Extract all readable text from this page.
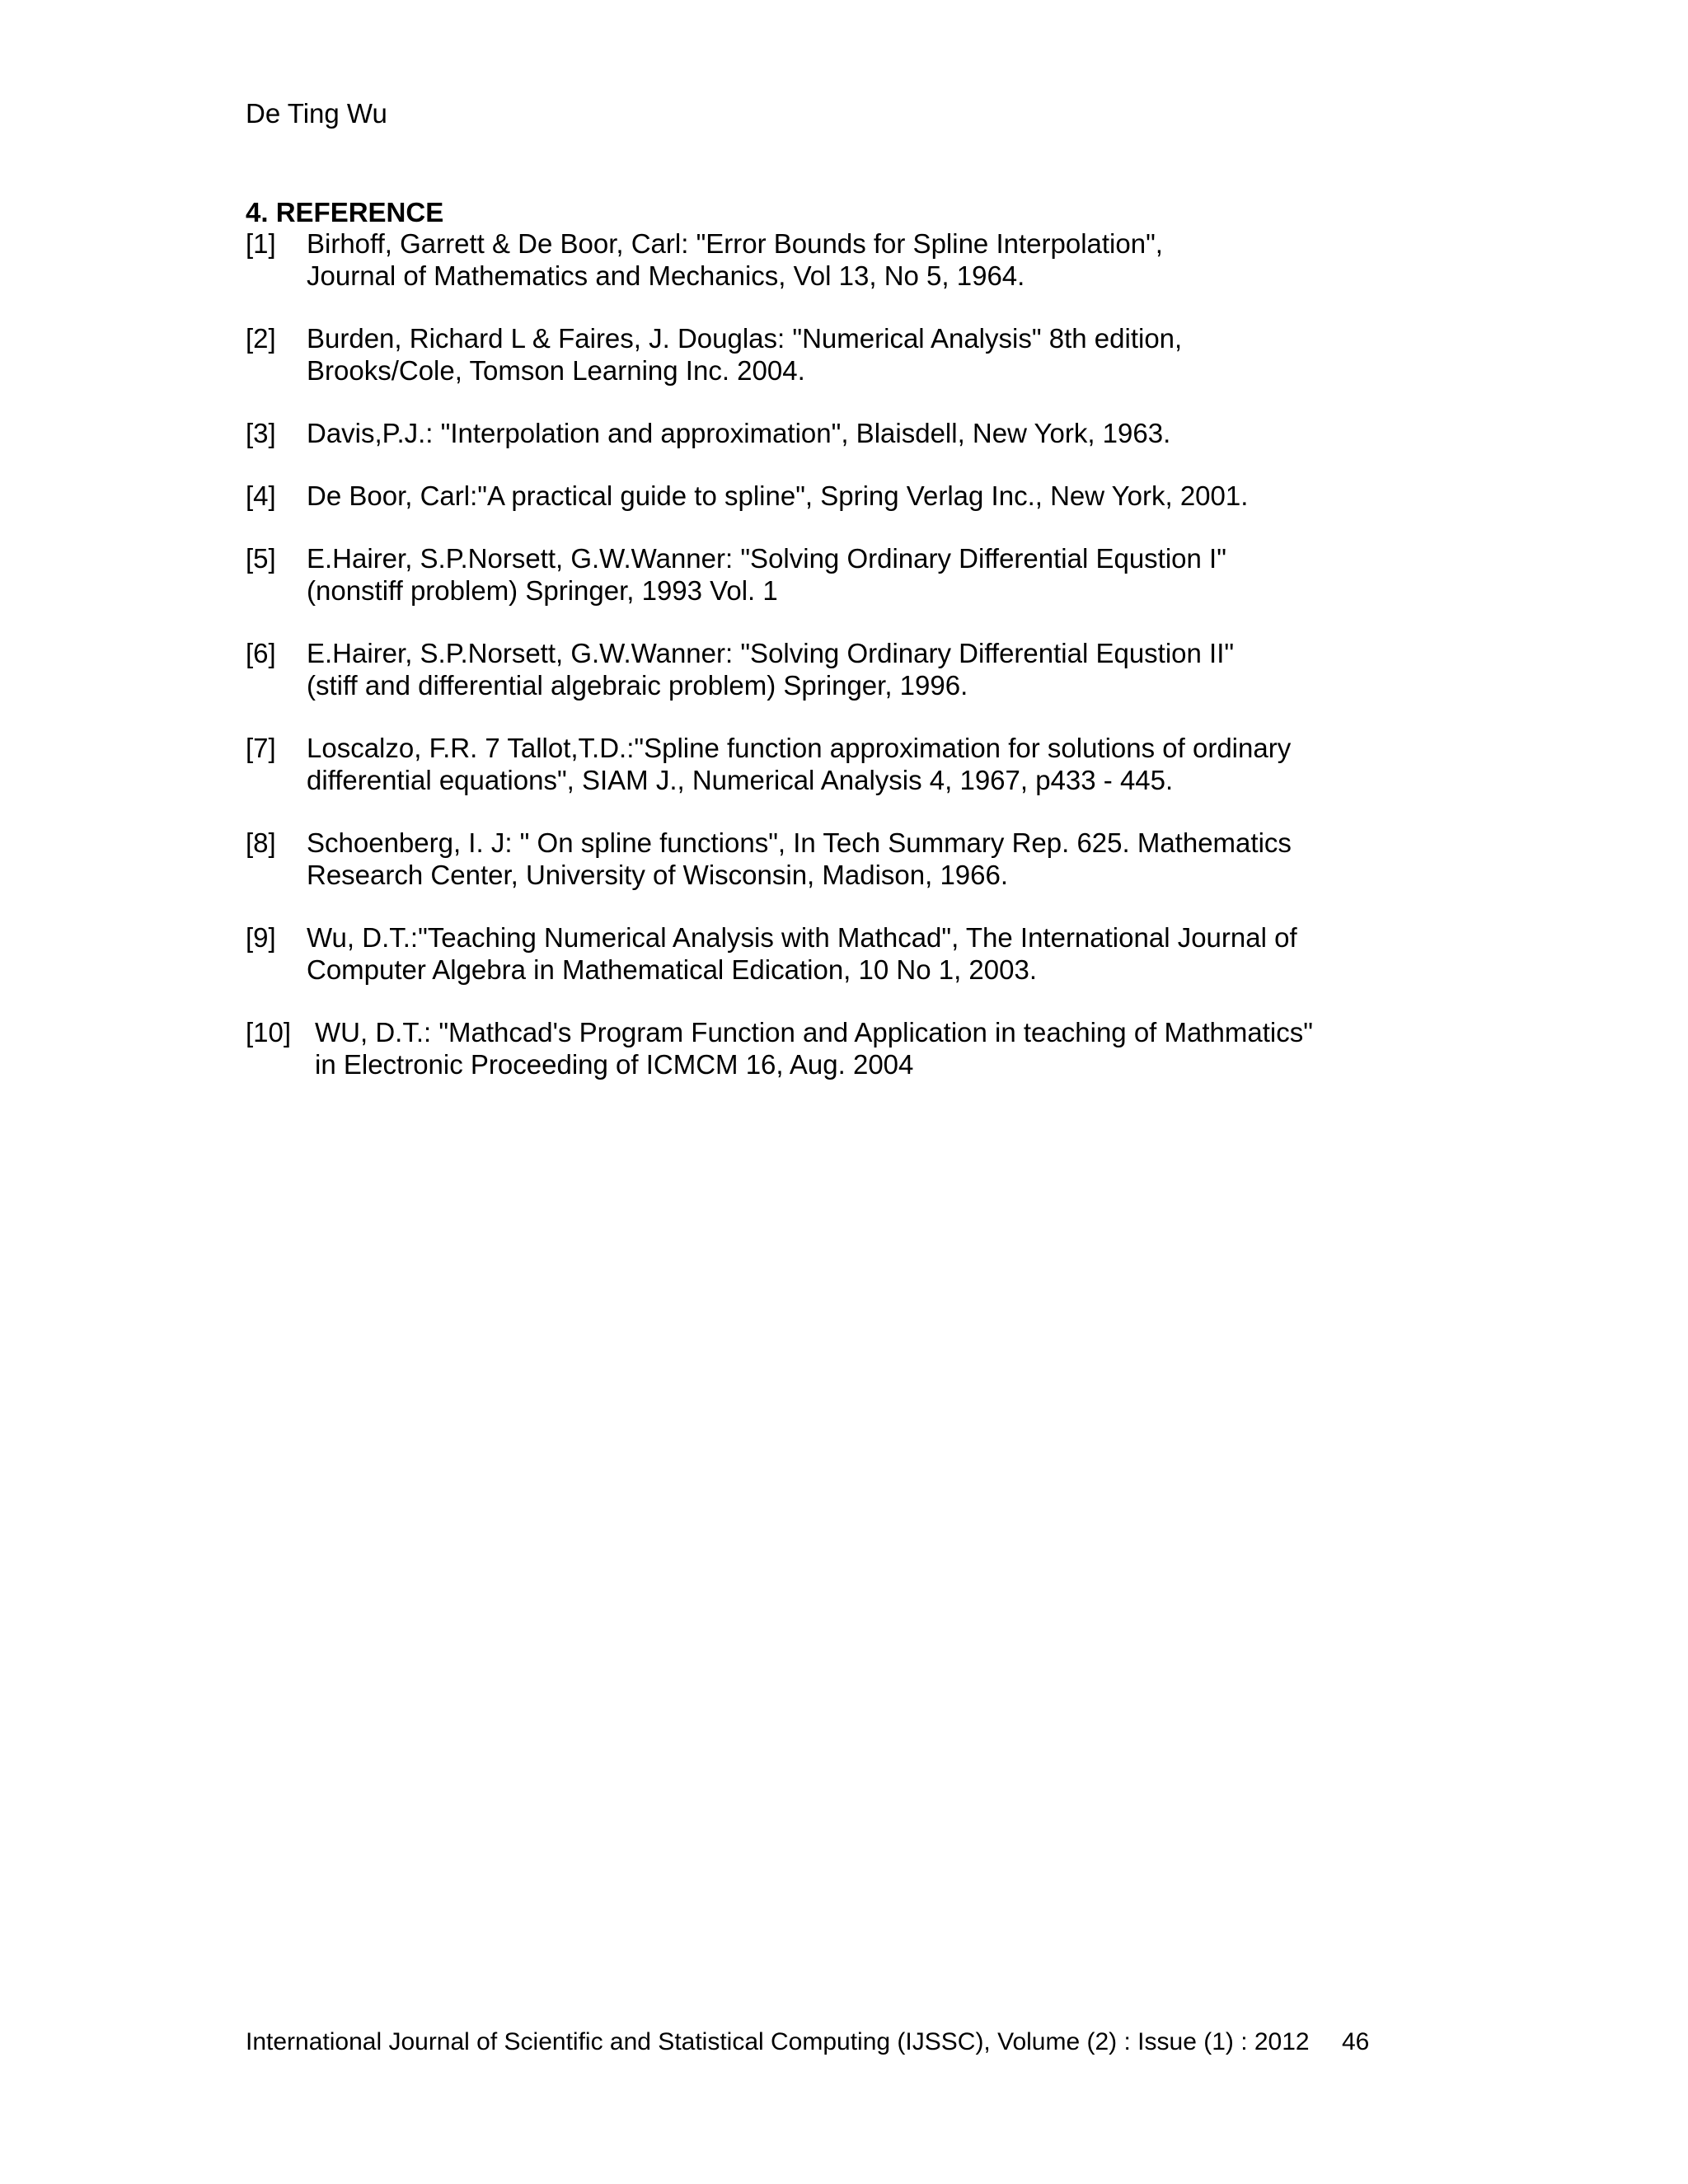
De Ting Wu
4. REFERENCE
[1] Birhoff, Garrett & De Boor, Carl: "Error Bounds for Spline Interpolation",
Journal of Mathematics and Mechanics, Vol 13, No 5, 1964.
[2] Burden, Richard L & Faires, J. Douglas: "Numerical Analysis" 8th edition,
Brooks/Cole, Tomson Learning Inc. 2004.
[3] Davis,P.J.: "Interpolation and approximation", Blaisdell, New York, 1963.
[4] De Boor, Carl:"A practical guide to spline", Spring Verlag Inc., New York, 2001.
[5] E.Hairer, S.P.Norsett, G.W.Wanner: "Solving Ordinary Differential Equstion I"
(nonstiff problem) Springer, 1993 Vol. 1
[6] E.Hairer, S.P.Norsett, G.W.Wanner: "Solving Ordinary Differential Equstion II"
(stiff and differential algebraic problem) Springer, 1996.
[7] Loscalzo, F.R. 7 Tallot,T.D.:"Spline function approximation for solutions of ordinary
differential equations", SIAM J., Numerical Analysis 4, 1967, p433 - 445.
[8] Schoenberg, I. J: " On spline functions", In Tech Summary Rep. 625. Mathematics
Research Center, University of Wisconsin, Madison, 1966.
[9] Wu, D.T.:"Teaching Numerical Analysis with Mathcad", The International Journal of
Computer Algebra in Mathematical Edication, 10 No 1, 2003.
[10] WU, D.T.: "Mathcad's Program Function and Application in teaching of Mathmatics"
in Electronic Proceeding of ICMCM 16, Aug. 2004
International Journal of Scientific and Statistical Computing (IJSSC), Volume (2) : Issue (1) : 2012 46
